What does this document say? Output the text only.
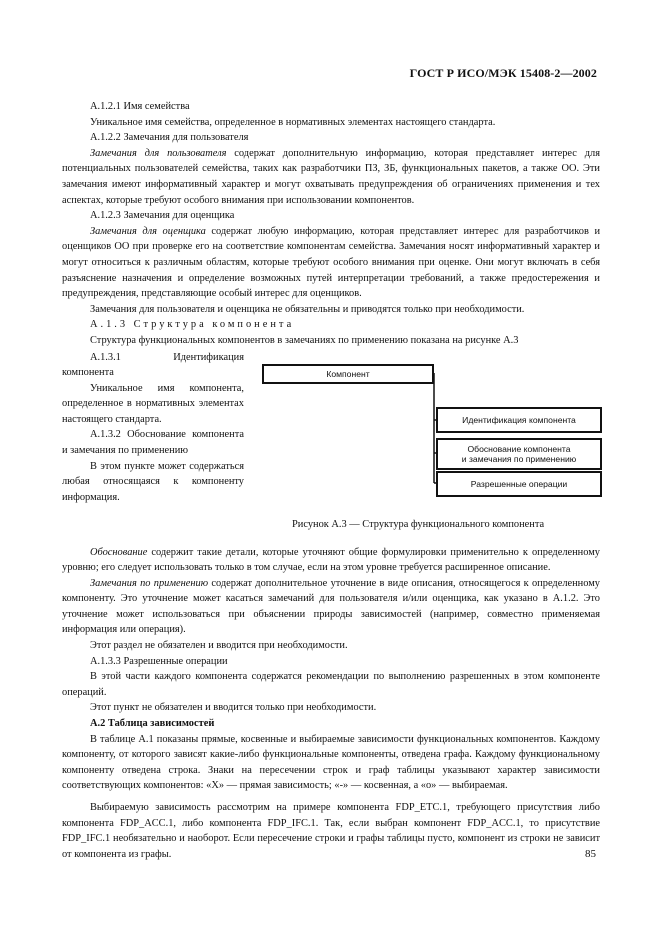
ГОСТ Р ИСО/МЭК 15408-2—2002

А.1.2.1 Имя семейства

Уникальное имя семейства, определенное в нормативных элементах настоящего стандарта.

А.1.2.2 Замечания для пользователя

Замечания для пользователя содержат дополнительную информацию, которая представляет интерес для потенциальных пользователей семейства, таких как разработчики ПЗ, ЗБ, функциональных пакетов, а также ОО. Эти замечания имеют информативный характер и могут охватывать предупреждения об ограничениях применения и тех аспектах, которые требуют особого внимания при использовании компонентов.

А.1.2.3 Замечания для оценщика

Замечания для оценщика содержат любую информацию, которая представляет интерес для разработчиков и оценщиков ОО при проверке его на соответствие компонентам семейства. Замечания носят информативный характер и могут относиться к различным областям, которые требуют особого внимания при оценке. Они могут включать в себя разъяснение назначения и определение возможных путей интерпретации требований, а также предостережения и предупреждения, представляющие особый интерес для оценщиков.

Замечания для пользователя и оценщика не обязательны и приводятся только при необходимости.

А.1.3 Структура компонента

Структура функциональных компонентов в замечаниях по применению показана на рисунке А.3

А.1.3.1 Идентификация компонента

Уникальное имя компонента, определенное в нормативных элементах настоящего стандарта.

А.1.3.2 Обоснование компонента и замечания по применению

В этом пункте может содержаться любая относящаяся к компоненту информация.

Компонент
Идентификация компонента
Обоснование компонента
и замечания по применению
Разрешенные операции
Рисунок А.3 — Структура функционального компонента

Обоснование содержит такие детали, которые уточняют общие формулировки применительно к определенному уровню; его следует использовать только в том случае, если на этом уровне требуется расширенное описание.

Замечания по применению содержат дополнительное уточнение в виде описания, относящегося к определенному компоненту. Это уточнение может касаться замечаний для пользователя и/или оценщика, как указано в А.1.2. Это уточнение может использоваться при объяснении природы зависимостей (например, совместно применяемая информация или операция).

Этот раздел не обязателен и вводится при необходимости.

А.1.3.3 Разрешенные операции

В этой части каждого компонента содержатся рекомендации по выполнению разрешенных в этом компоненте операций.

Этот пункт не обязателен и вводится только при необходимости.

А.2 Таблица зависимостей

В таблице А.1 показаны прямые, косвенные и выбираемые зависимости функциональных компонентов. Каждому компоненту, от которого зависят какие-либо функциональные компоненты, отведена графа. Каждому функциональному компоненту отведена строка. Знаки на пересечении строк и граф таблицы указывают характер зависимости соответствующих компонентов: «X» — прямая зависимость; «-» — косвенная, а «о» — выбираемая.

Выбираемую зависимость рассмотрим на примере компонента FDP_ETC.1, требующего присутствия либо компонента FDP_ACC.1, либо компонента FDP_IFC.1. Так, если выбран компонент FDP_ACC.1, то присутствие FDP_IFC.1 необязательно и наоборот. Если пересечение строки и графы таблицы пусто, компонент из строки не зависит от компонента из графы.	85
